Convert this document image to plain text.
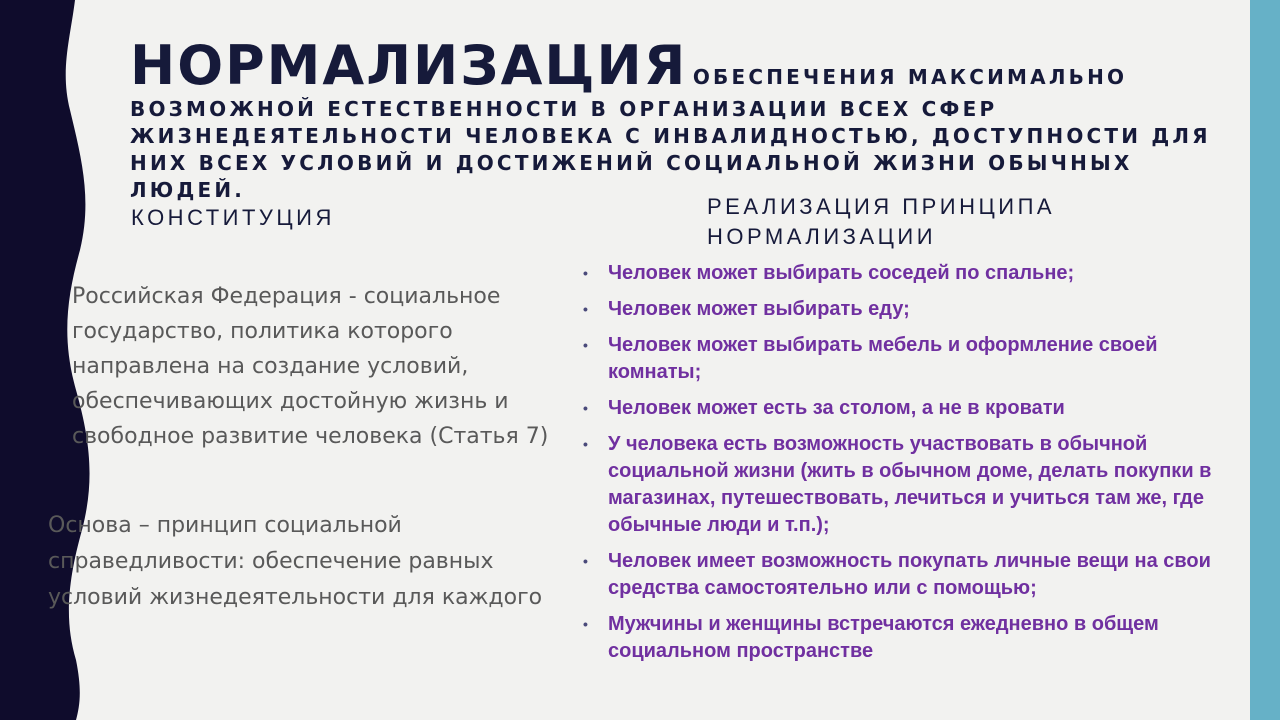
НОРМАЛИЗАЦИЯ ОБЕСПЕЧЕНИЯ МАКСИМАЛЬНО ВОЗМОЖНОЙ ЕСТЕСТВЕННОСТИ В ОРГАНИЗАЦИИ ВСЕХ СФЕР ЖИЗНЕДЕЯТЕЛЬНОСТИ ЧЕЛОВЕКА С ИНВАЛИДНОСТЬЮ, ДОСТУПНОСТИ ДЛЯ НИХ ВСЕХ УСЛОВИЙ И ДОСТИЖЕНИЙ СОЦИАЛЬНОЙ ЖИЗНИ ОБЫЧНЫХ ЛЮДЕЙ.
КОНСТИТУЦИЯ	РЕАЛИЗАЦИЯ ПРИНЦИПА НОРМАЛИЗАЦИИ
Российская Федерация - социальное государство, политика которого направлена на создание условий, обеспечивающих достойную жизнь и свободное развитие человека (Статья 7)
Основа – принцип социальной справедливости: обеспечение равных условий жизнедеятельности для каждого
• Человек может выбирать соседей по спальне;
• Человек может выбирать еду;
• Человек может выбирать мебель и оформление своей комнаты;
• Человек может есть за столом, а не в кровати
• У человека есть возможность участвовать в обычной социальной жизни (жить в обычном доме, делать покупки в магазинах, путешествовать, лечиться и учиться там же, где обычные люди и т.п.);
• Человек имеет возможность покупать личные вещи на свои средства самостоятельно или с помощью;
• Мужчины и женщины встречаются ежедневно в общем социальном пространстве
